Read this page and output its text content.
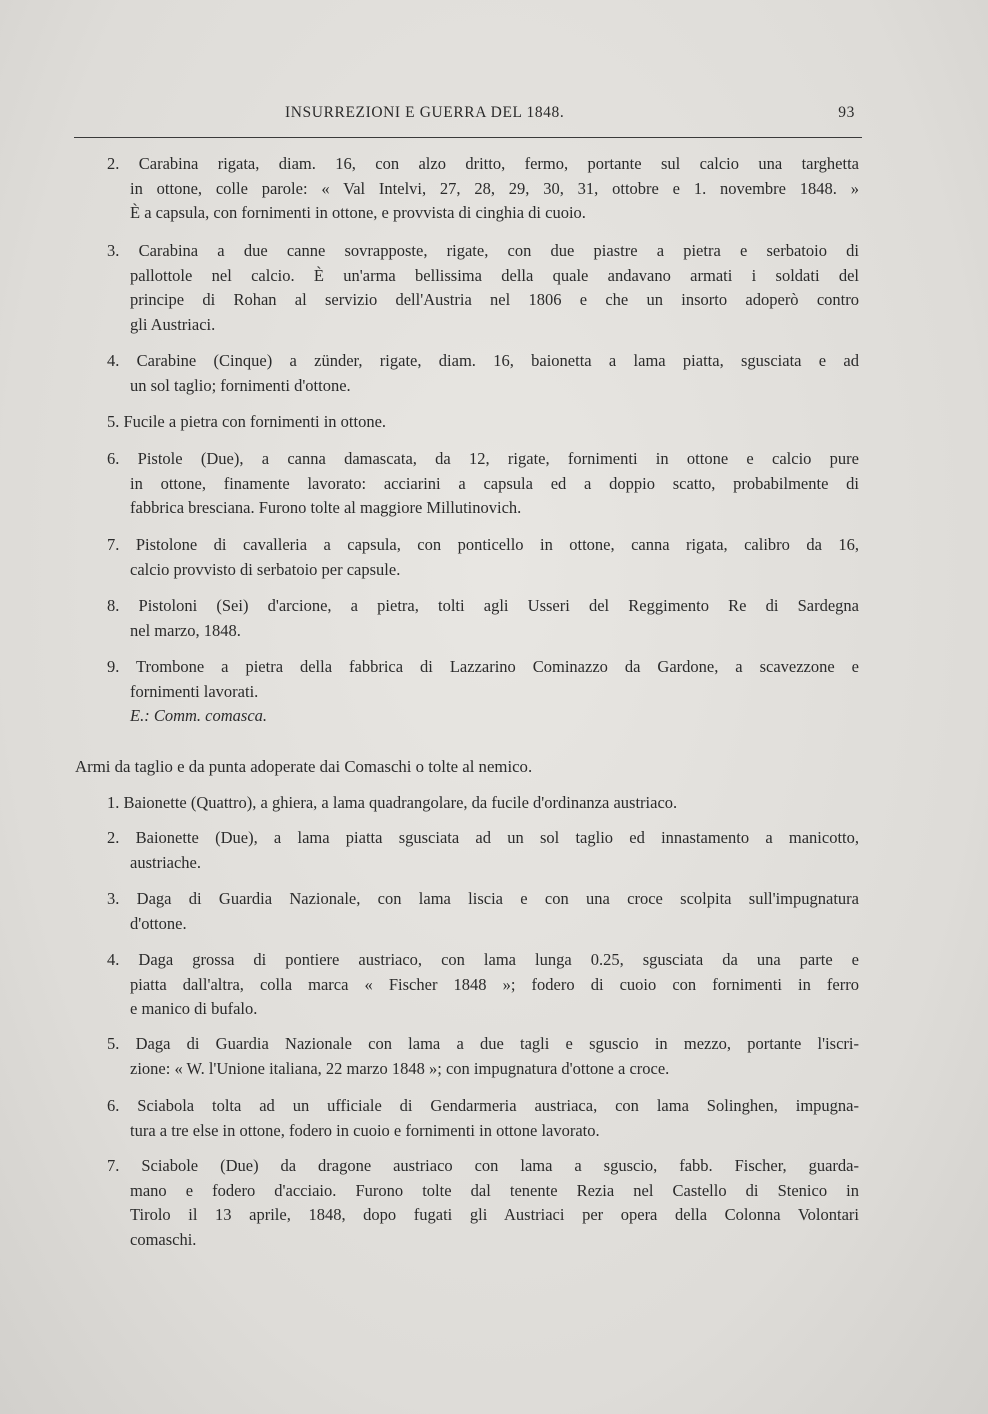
INSURREZIONI E GUERRA DEL 1848.	93
2. Carabina rigata, diam. 16, con alzo dritto, fermo, portante sul calcio una targhetta
in ottone, colle parole: « Val Intelvi, 27, 28, 29, 30, 31, ottobre e 1. novembre 1848. »
È a capsula, con fornimenti in ottone, e provvista di cinghia di cuoio.
3. Carabina a due canne sovrapposte, rigate, con due piastre a pietra e serbatoio di
pallottole nel calcio. È un'arma bellissima della quale andavano armati i soldati del
principe di Rohan al servizio dell'Austria nel 1806 e che un insorto adoperò contro
gli Austriaci.
4. Carabine (Cinque) a zünder, rigate, diam. 16, baionetta a lama piatta, sgusciata e ad
un sol taglio; fornimenti d'ottone.
5. Fucile a pietra con fornimenti in ottone.
6. Pistole (Due), a canna damascata, da 12, rigate, fornimenti in ottone e calcio pure
in ottone, finamente lavorato: acciarini a capsula ed a doppio scatto, probabilmente di
fabbrica bresciana. Furono tolte al maggiore Millutinovich.
7. Pistolone di cavalleria a capsula, con ponticello in ottone, canna rigata, calibro da 16,
calcio provvisto di serbatoio per capsule.
8. Pistoloni (Sei) d'arcione, a pietra, tolti agli Usseri del Reggimento Re di Sardegna
nel marzo, 1848.
9. Trombone a pietra della fabbrica di Lazzarino Cominazzo da Gardone, a scavezzone e
fornimenti lavorati.
E.: Comm. comasca.
Armi da taglio e da punta adoperate dai Comaschi o tolte al nemico.
1. Baionette (Quattro), a ghiera, a lama quadrangolare, da fucile d'ordinanza austriaco.
2. Baionette (Due), a lama piatta sgusciata ad un sol taglio ed innastamento a manicotto,
austriache.
3. Daga di Guardia Nazionale, con lama liscia e con una croce scolpita sull'impugnatura
d'ottone.
4. Daga grossa di pontiere austriaco, con lama lunga 0.25, sgusciata da una parte e
piatta dall'altra, colla marca « Fischer 1848 »; fodero di cuoio con fornimenti in ferro
e manico di bufalo.
5. Daga di Guardia Nazionale con lama a due tagli e sguscio in mezzo, portante l'iscri-
zione: « W. l'Unione italiana, 22 marzo 1848 »; con impugnatura d'ottone a croce.
6. Sciabola tolta ad un ufficiale di Gendarmeria austriaca, con lama Solinghen, impugna-
tura a tre else in ottone, fodero in cuoio e fornimenti in ottone lavorato.
7. Sciabole (Due) da dragone austriaco con lama a sguscio, fabb. Fischer, guarda-
mano e fodero d'acciaio. Furono tolte dal tenente Rezia nel Castello di Stenico in
Tirolo il 13 aprile, 1848, dopo fugati gli Austriaci per opera della Colonna Volontari
comaschi.
